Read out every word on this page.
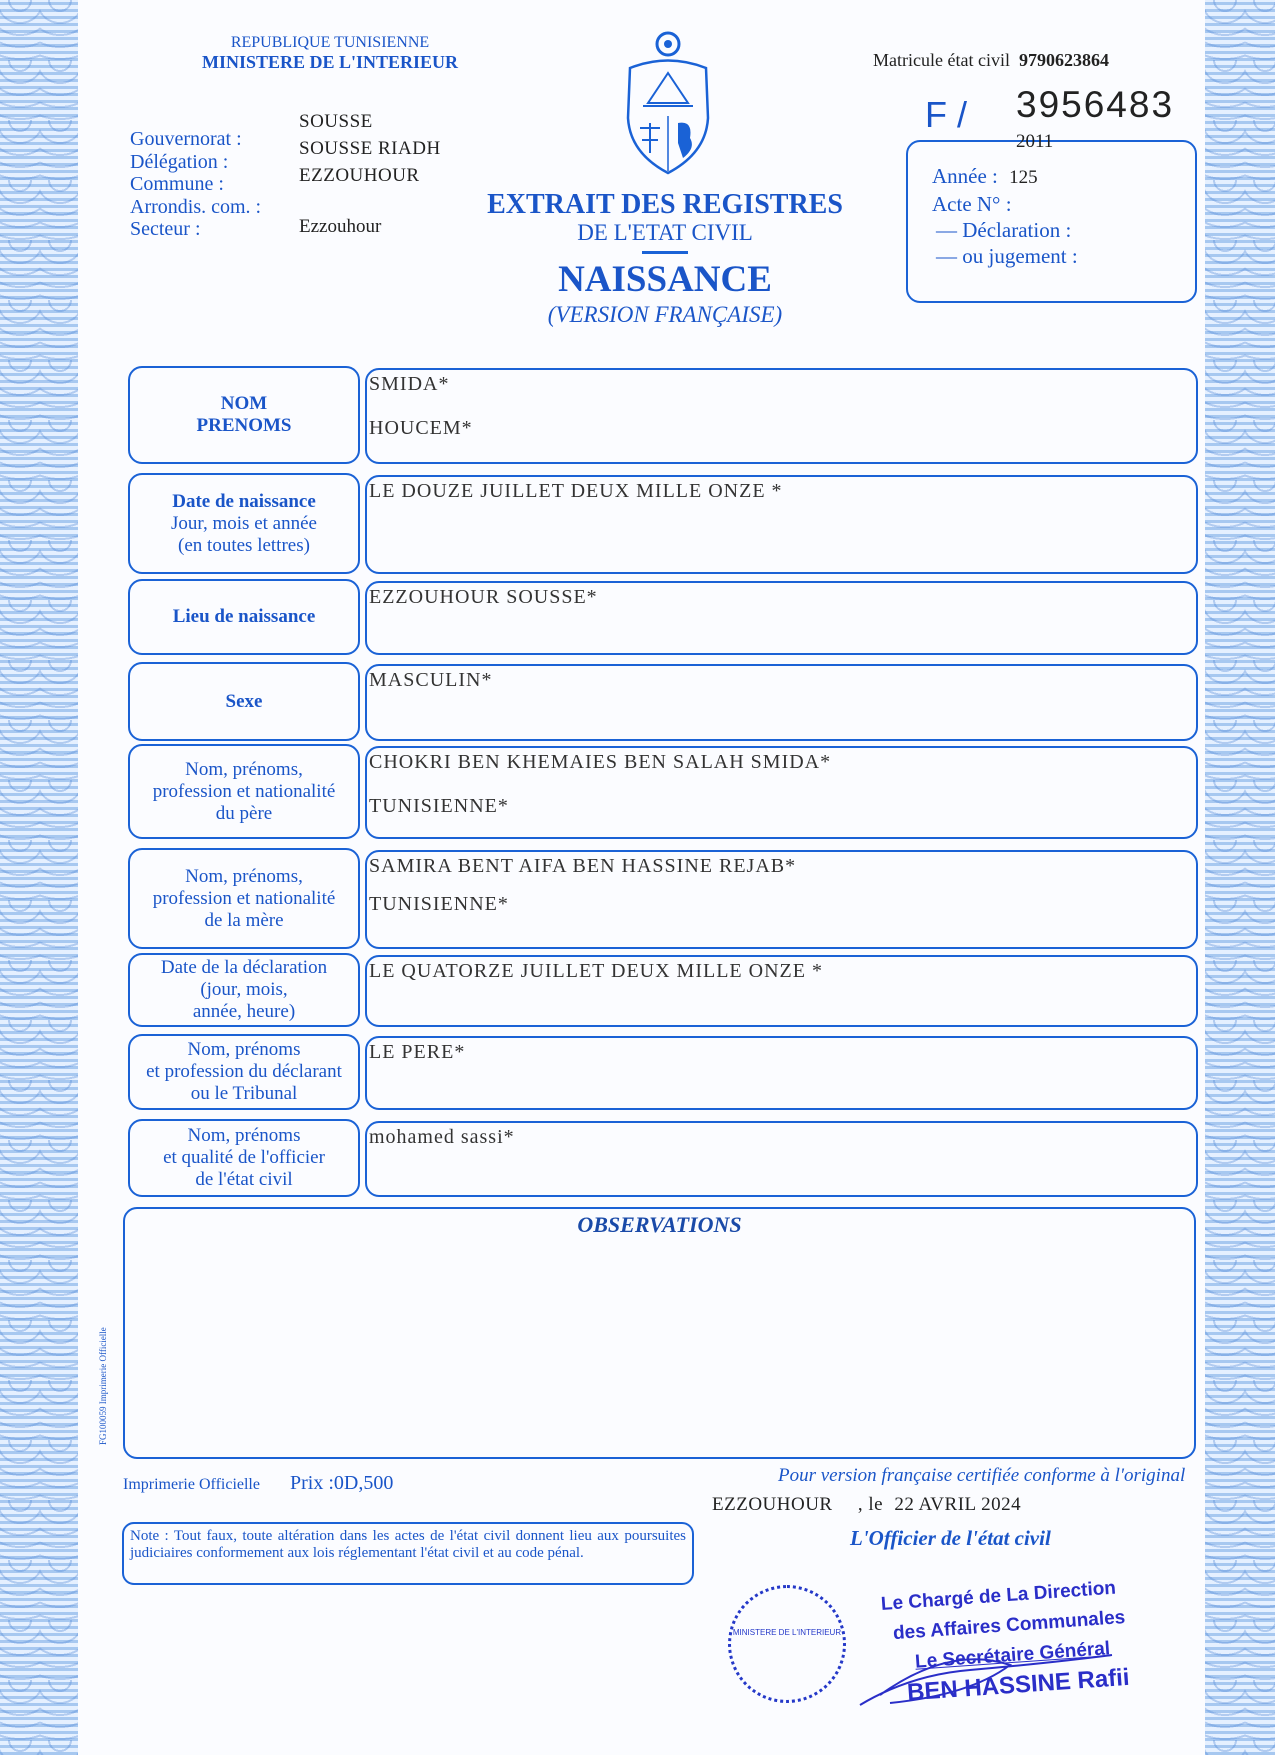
REPUBLIQUE TUNISIENNE
MINISTERE DE L'INTERIEUR
Gouvernorat :
Délégation :
Commune :
Arrondis. com. :
Secteur :
SOUSSE
SOUSSE RIADH
EZZOUHOUR
Ezzouhour
EXTRAIT DES REGISTRES
DE L'ETAT CIVIL
NAISSANCE
(VERSION FRANÇAISE)
Matricule état civil 9790623864
F / 3956483
2011
Année : 125
Acte N° :
— Déclaration :
— ou jugement :
NOM
PRENOMS
SMIDA*
HOUCEM*
Date de naissance
Jour, mois et année
(en toutes lettres)
LE DOUZE JUILLET DEUX MILLE ONZE *
Lieu de naissance
EZZOUHOUR SOUSSE*
Sexe
MASCULIN*
Nom, prénoms,
profession et nationalité
du père
CHOKRI BEN KHEMAIES BEN SALAH SMIDA*
TUNISIENNE*
Nom, prénoms,
profession et nationalité
de la mère
SAMIRA BENT AIFA BEN HASSINE REJAB*
TUNISIENNE*
Date de la déclaration
(jour, mois,
année, heure)
LE QUATORZE JUILLET DEUX MILLE ONZE *
Nom, prénoms
et profession du déclarant
ou le Tribunal
LE PERE*
Nom, prénoms
et qualité de l'officier
de l'état civil
mohamed sassi*
OBSERVATIONS
FG100059 Imprimerie Officielle
Imprimerie Officielle Prix :0D,500	Pour version française certifiée conforme à l'original
EZZOUHOUR , le 22 AVRIL 2024
Note : Tout faux, toute altération dans les actes de l'état civil donnent lieu aux poursuites judiciaires conformement aux lois réglementant l'état civil et au code pénal.
L'Officier de l'état civil
MINISTERE DE L'INTERIEUR
Le Chargé de La Direction
des Affaires Communales
Le Secrétaire Général
BEN HASSINE Rafii
